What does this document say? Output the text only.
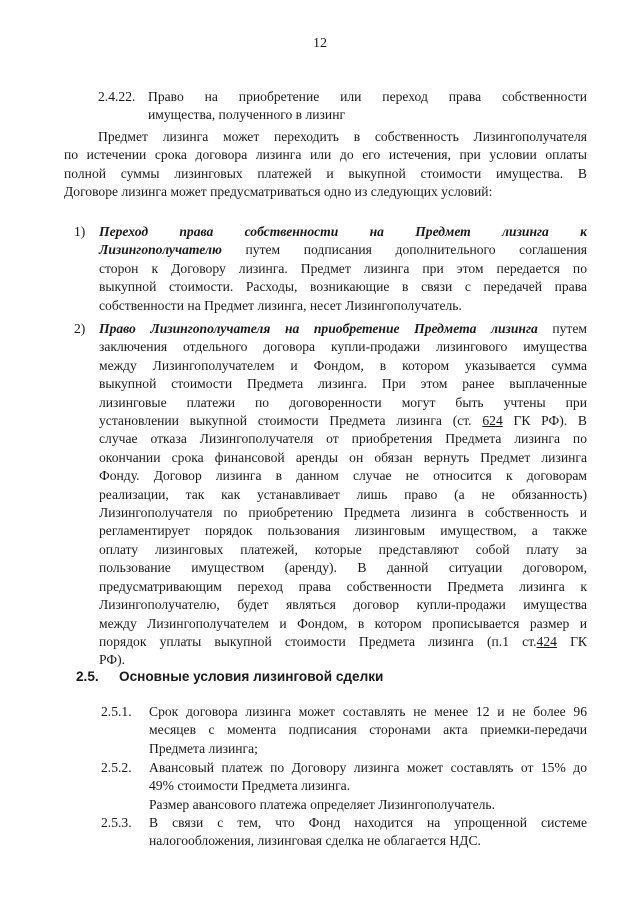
12
2.4.22. Право на приобретение или переход права собственности
имущества, полученного в лизинг
Предмет лизинга может переходить в собственность Лизингополучателя
по истечении срока договора лизинга или до его истечения, при условии оплаты
полной суммы лизинговых платежей и выкупной стоимости имущества. В
Договоре лизинга может предусматриваться одно из следующих условий:
1) Переход права собственности на Предмет лизинга к
Лизингополучателю путем подписания дополнительного соглашения
сторон к Договору лизинга. Предмет лизинга при этом передается по
выкупной стоимости. Расходы, возникающие в связи с передачей права
собственности на Предмет лизинга, несет Лизингополучатель.
2) Право Лизингополучателя на приобретение Предмета лизинга путем
заключения отдельного договора купли-продажи лизингового имущества
между Лизингополучателем и Фондом, в котором указывается сумма
выкупной стоимости Предмета лизинга. При этом ранее выплаченные
лизинговые платежи по договоренности могут быть учтены при
установлении выкупной стоимости Предмета лизинга (ст. 624 ГК РФ). В
случае отказа Лизингополучателя от приобретения Предмета лизинга по
окончании срока финансовой аренды он обязан вернуть Предмет лизинга
Фонду. Договор лизинга в данном случае не относится к договорам
реализации, так как устанавливает лишь право (а не обязанность)
Лизингополучателя по приобретению Предмета лизинга в собственность и
регламентирует порядок пользования лизинговым имуществом, а также
оплату лизинговых платежей, которые представляют собой плату за
пользование имуществом (аренду). В данной ситуации договором,
предусматривающим переход права собственности Предмета лизинга к
Лизингополучателю, будет являться договор купли-продажи имущества
между Лизингополучателем и Фондом, в котором прописывается размер и
порядок уплаты выкупной стоимости Предмета лизинга (п.1 ст.424 ГК
РФ).
2.5. Основные условия лизинговой сделки
2.5.1. Срок договора лизинга может составлять не менее 12 и не более 96
месяцев с момента подписания сторонами акта приемки-передачи
Предмета лизинга;
2.5.2. Авансовый платеж по Договору лизинга может составлять от 15% до
49% стоимости Предмета лизинга.
Размер авансового платежа определяет Лизингополучатель.
2.5.3. В связи с тем, что Фонд находится на упрощенной системе
налогообложения, лизинговая сделка не облагается НДС.
